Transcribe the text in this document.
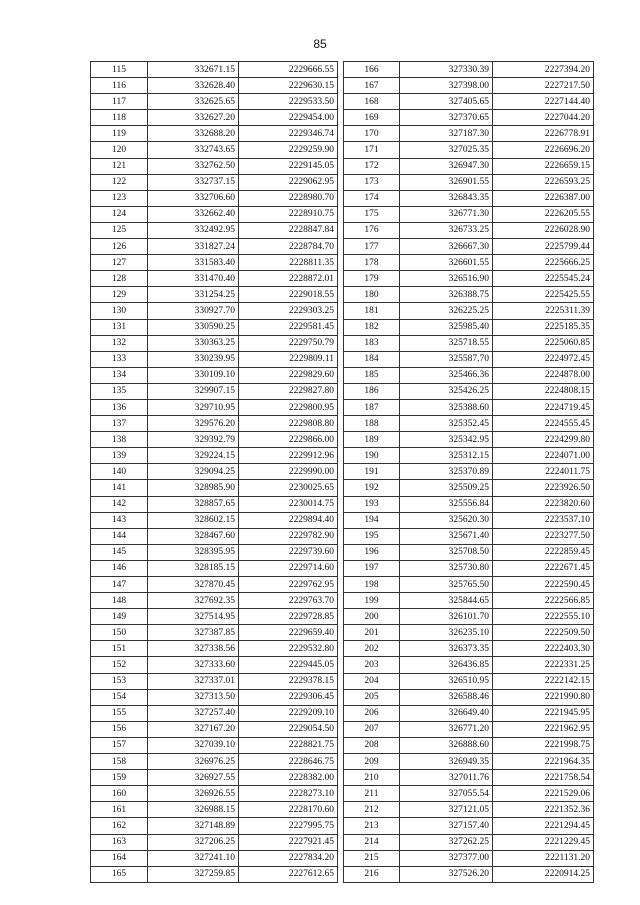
85
115	332671.15	2229666.55
116	332628.40	2229630.15
117	332625.65	2229533.50
118	332627.20	2229454.00
119	332688.20	2229346.74
120	332743.65	2229259.90
121	332762.50	2229145.05
122	332737.15	2229062.95
123	332706.60	2228980.70
124	332662.40	2228910.75
125	332492.95	2228847.84
126	331827.24	2228784.70
127	331583.40	2228811.35
128	331470.40	2228872.01
129	331254.25	2229018.55
130	330927.70	2229303.25
131	330590.25	2229581.45
132	330363.25	2229750.79
133	330239.95	2229809.11
134	330109.10	2229829.60
135	329907.15	2229827.80
136	329710.95	2229800.95
137	329576.20	2229808.80
138	329392.79	2229866.00
139	329224.15	2229912.96
140	329094.25	2229990.00
141	328985.90	2230025.65
142	328857.65	2230014.75
143	328602.15	2229894.40
144	328467.60	2229782.90
145	328395.95	2229739.60
146	328185.15	2229714.60
147	327870.45	2229762.95
148	327692.35	2229763.70
149	327514.95	2229728.85
150	327387.85	2229659.40
151	327338.56	2229532.80
152	327333.60	2229445.05
153	327337.01	2229378.15
154	327313.50	2229306.45
155	327257.40	2229209.10
156	327167.20	2229054.50
157	327039.10	2228821.75
158	326976.25	2228646.75
159	326927.55	2228382.00
160	326926.55	2228273.10
161	326988.15	2228170.60
162	327148.89	2227995.75
163	327206.25	2227921.45
164	327241.10	2227834.20
165	327259.85	2227612.65
166	327330.39	2227394.20
167	327398.00	2227217.50
168	327405.65	2227144.40
169	327370.65	2227044.20
170	327187.30	2226778.91
171	327025.35	2226696.20
172	326947.30	2226659.15
173	326901.55	2226593.25
174	326843.35	2226387.00
175	326771.30	2226205.55
176	326733.25	2226028.90
177	326667.30	2225799.44
178	326601.55	2225666.25
179	326516.90	2225545.24
180	326388.75	2225425.55
181	326225.25	2225311.39
182	325985.40	2225185.35
183	325718.55	2225060.85
184	325587.70	2224972.45
185	325466.36	2224878.00
186	325426.25	2224808.15
187	325388.60	2224719.45
188	325352.45	2224555.45
189	325342.95	2224299.80
190	325312.15	2224071.00
191	325370.89	2224011.75
192	325509.25	2223926.50
193	325556.84	2223820.60
194	325620.30	2223537.10
195	325671.40	2223277.50
196	325708.50	2222859.45
197	325730.80	2222671.45
198	325765.50	2222590.45
199	325844.65	2222566.85
200	326101.70	2222555.10
201	326235.10	2222509.50
202	326373.35	2222403.30
203	326436.85	2222331.25
204	326510.95	2222142.15
205	326588.46	2221990.80
206	326649.40	2221945.95
207	326771.20	2221962.95
208	326888.60	2221998.75
209	326949.35	2221964.35
210	327011.76	2221758.54
211	327055.54	2221529.06
212	327121.05	2221352.36
213	327157.40	2221294.45
214	327262.25	2221229.45
215	327377.00	2221131.20
216	327526.20	2220914.25
